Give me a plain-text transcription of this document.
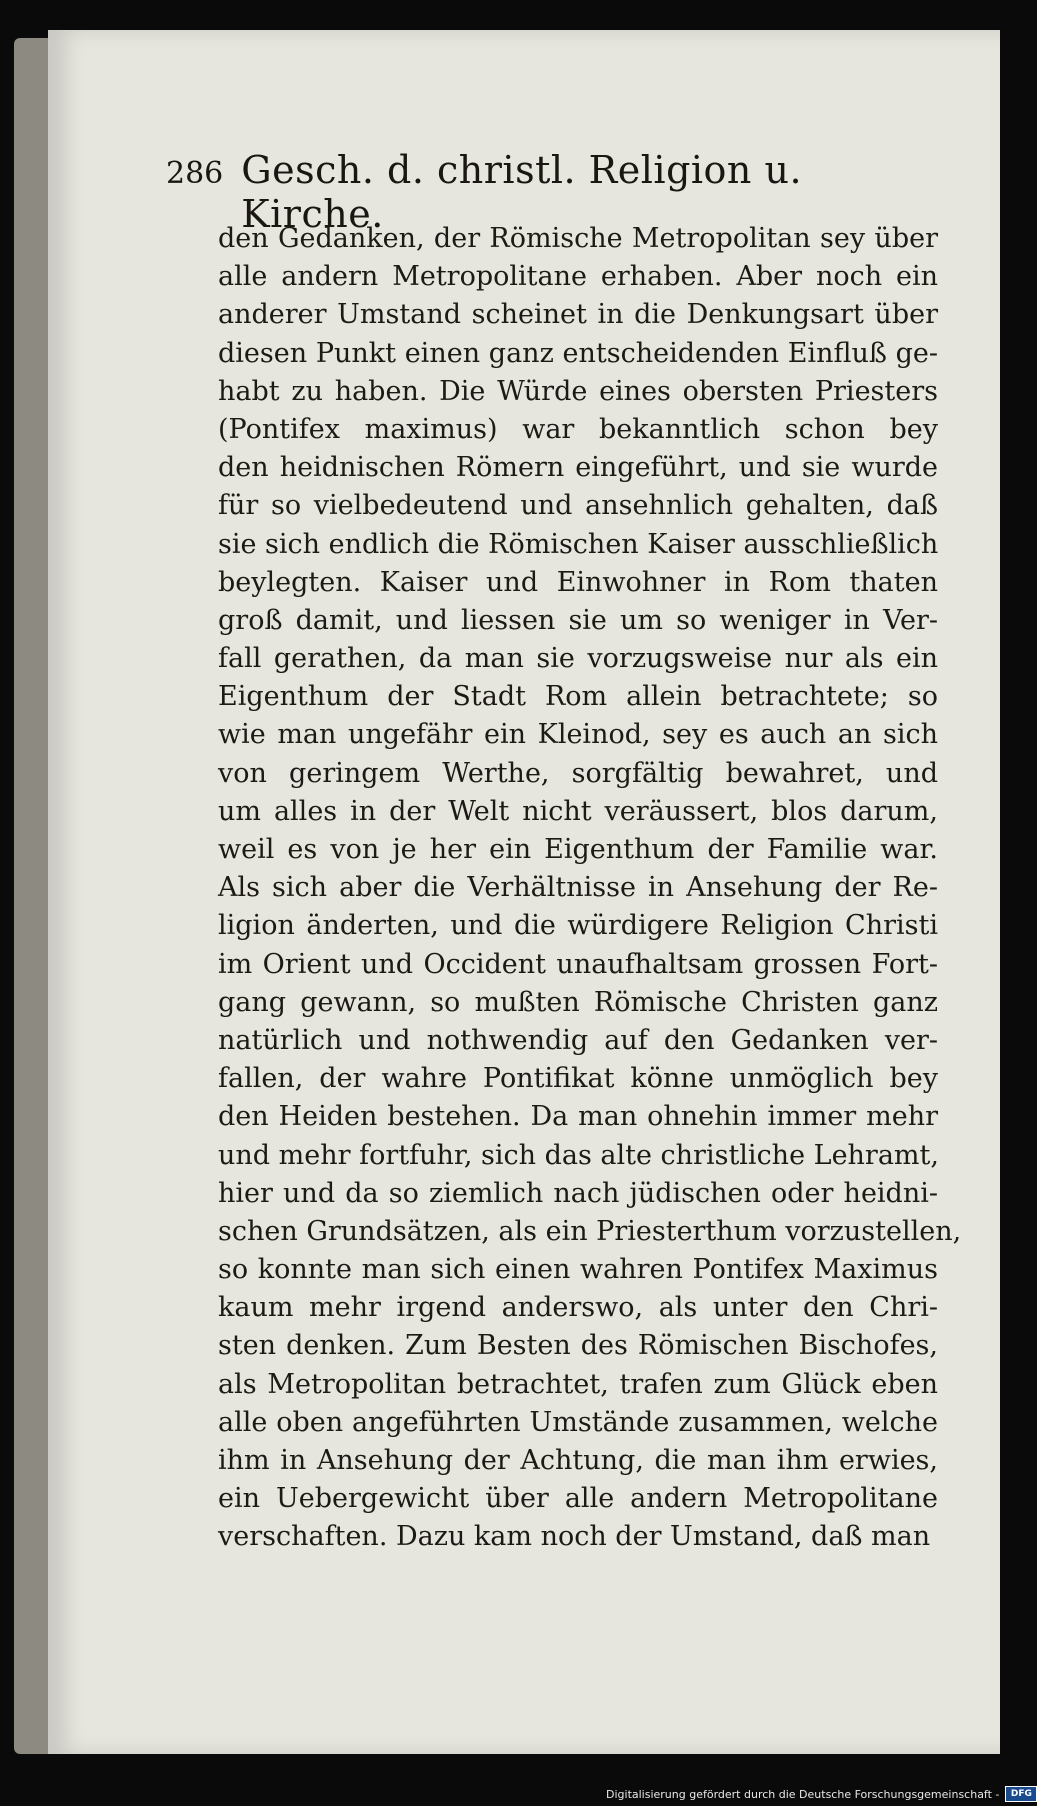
286 Gesch. d. christl. Religion u. Kirche.
den Gedanken, der Römische Metropolitan sey über
alle andern Metropolitane erhaben. Aber noch ein
anderer Umstand scheinet in die Denkungsart über
diesen Punkt einen ganz entscheidenden Einfluß ge-
habt zu haben. Die Würde eines obersten Priesters
(Pontifex maximus) war bekanntlich schon bey
den heidnischen Römern eingeführt, und sie wurde
für so vielbedeutend und ansehnlich gehalten, daß
sie sich endlich die Römischen Kaiser ausschließlich
beylegten. Kaiser und Einwohner in Rom thaten
groß damit, und liessen sie um so weniger in Ver-
fall gerathen, da man sie vorzugsweise nur als ein
Eigenthum der Stadt Rom allein betrachtete; so
wie man ungefähr ein Kleinod, sey es auch an sich
von geringem Werthe, sorgfältig bewahret, und
um alles in der Welt nicht veräussert, blos darum,
weil es von je her ein Eigenthum der Familie war.
Als sich aber die Verhältnisse in Ansehung der Re-
ligion änderten, und die würdigere Religion Christi
im Orient und Occident unaufhaltsam grossen Fort-
gang gewann, so mußten Römische Christen ganz
natürlich und nothwendig auf den Gedanken ver-
fallen, der wahre Pontifikat könne unmöglich bey
den Heiden bestehen. Da man ohnehin immer mehr
und mehr fortfuhr, sich das alte christliche Lehramt,
hier und da so ziemlich nach jüdischen oder heidni-
schen Grundsätzen, als ein Priesterthum vorzustellen,
so konnte man sich einen wahren Pontifex Maximus
kaum mehr irgend anderswo, als unter den Chri-
sten denken. Zum Besten des Römischen Bischofes,
als Metropolitan betrachtet, trafen zum Glück eben
alle oben angeführten Umstände zusammen, welche
ihm in Ansehung der Achtung, die man ihm erwies,
ein Uebergewicht über alle andern Metropolitane
verschaften. Dazu kam noch der Umstand, daß man
Digitalisierung gefördert durch die Deutsche Forschungsgemeinschaft -	DFG
